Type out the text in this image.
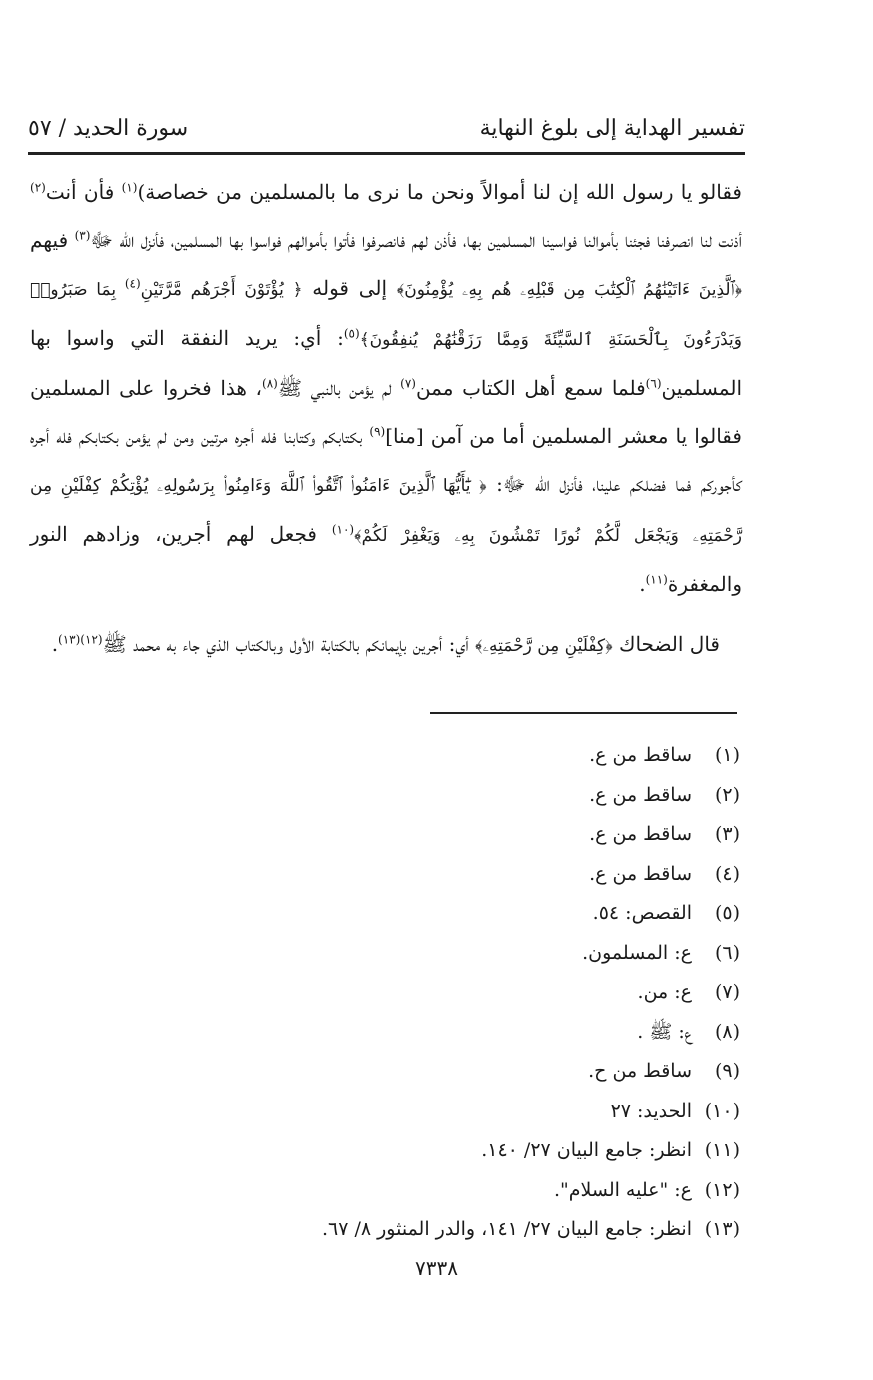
تفسير الهداية إلى بلوغ النهاية
سورة الحديد / ٥٧

فقالو يا رسول الله إن لنا أموالاً ونحن ما نرى ما بالمسلمين من خصاصة)$^{(١)}$ فأن أنت$^{(٢)}$ أذنت لنا انصرفنا فجئنا بأموالنا فواسينا المسلمين بها، فأذن لهم فانصرفوا فأتوا بأموالهم فواسوا بها المسلمين، فأنزل الله ﷻ$^{(٣)}$ فيهم ﴿ٱلَّذِينَ ءَاتَيْنَٰهُمُ ٱلْكِتَٰبَ مِن قَبْلِهِۦ هُم بِهِۦ يُؤْمِنُونَ﴾ إلى قوله ﴿ يُؤْتَوْنَ أَجْرَهُم مَّرَّتَيْنِ$^{(٤)}$ بِمَا صَبَرُوا۟ وَيَدْرَءُونَ بِٱلْحَسَنَةِ ٱلسَّيِّئَةَ وَمِمَّا رَزَقْنَٰهُمْ يُنفِقُونَ﴾$^{(٥)}$: أي: يريد النفقة التي واسوا بها المسلمين$^{(٦)}$فلما سمع أهل الكتاب ممن$^{(٧)}$ لم يؤمن بالنبي ﷺ$^{(٨)}$، هذا فخروا على المسلمين فقالوا يا معشر المسلمين أما من آمن [منا]$^{(٩)}$ بكتابكم وكتابنا فله أجره مرتين ومن لم يؤمن بكتابكم فله أجره كأجوركم فما فضلكم علينا، فأنزل الله ﷻ: ﴿ يَٰٓأَيُّهَا ٱلَّذِينَ ءَامَنُوا۟ ٱتَّقُوا۟ ٱللَّهَ وَءَامِنُوا۟ بِرَسُولِهِۦ يُؤْتِكُمْ كِفْلَيْنِ مِن رَّحْمَتِهِۦ وَيَجْعَل لَّكُمْ نُورًا تَمْشُونَ بِهِۦ وَيَغْفِرْ لَكُمْ﴾$^{(١٠)}$ فجعل لهم أجرين، وزادهم النور والمغفرة$^{(١١)}$.

قال الضحاك ﴿كِفْلَيْنِ مِن رَّحْمَتِهِۦ﴾ أي: أجرين بإيمانكم بالكتابة الأول وبالكتاب الذي جاء به محمد ﷺ$^{(١٢)(١٣)}$.

(١)ساقط من ع.
(٢)ساقط من ع.
(٣)ساقط من ع.
(٤)ساقط من ع.
(٥)القصص: ٥٤.
(٦)ع: المسلمون.
(٧)ع: من.
(٨)ع: ﷺ .
(٩)ساقط من ح.
(١٠)الحديد: ٢٧
(١١)انظر: جامع البيان ٢٧/ ١٤٠.
(١٢)ع: "عليه السلام".
(١٣)انظر: جامع البيان ٢٧/ ١٤١، والدر المنثور ٨/ ٦٧.
٧٣٣٨
